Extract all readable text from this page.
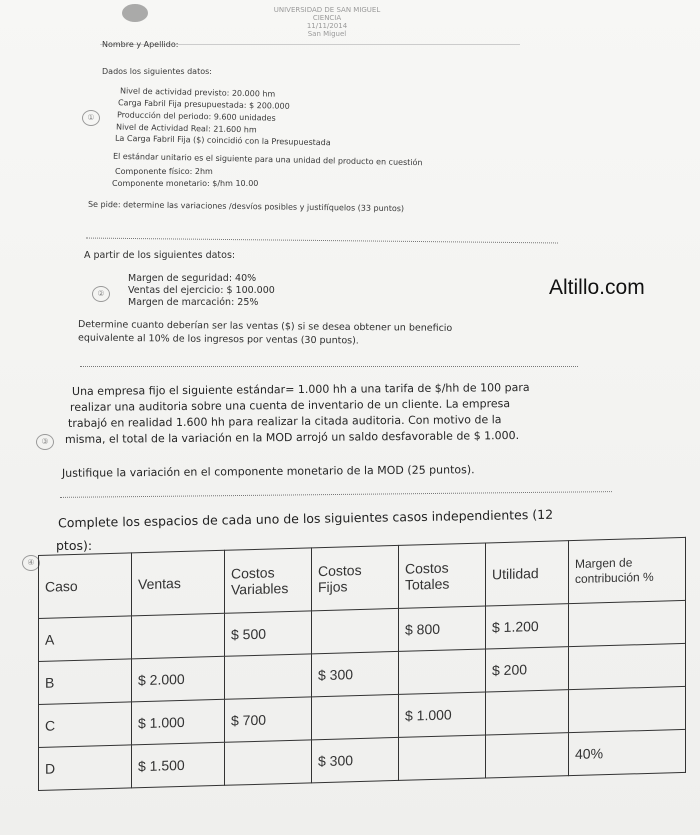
UNIVERSIDAD DE SAN MIGUEL
CIENCIA
11/11/2014
San Miguel
Nombre y Apellido:
Dados los siguientes datos:
①
Nivel de actividad previsto: 20.000 hm
Carga Fabril Fija presupuestada: $ 200.000
Producción del periodo: 9.600 unidades
Nivel de Actividad Real: 21.600 hm
La Carga Fabril Fija ($) coincidió con la Presupuestada
El estándar unitario es el siguiente para una unidad del producto en cuestión
Componente físico: 2hm
Componente monetario: $/hm 10.00
Se pide: determine las variaciones /desvíos posibles y justifíquelos (33 puntos)
A partir de los siguientes datos:
②
Margen de seguridad: 40%
Ventas del ejercicio: $ 100.000
Margen de marcación: 25%
Determine cuanto deberían ser las ventas ($) si se desea obtener un beneficio
equivalente al 10% de los ingresos por ventas (30 puntos).
Altillo.com
③
Una empresa fijo el siguiente estándar= 1.000 hh a una tarifa de $/hh de 100 para
realizar una auditoria sobre una cuenta de inventario de un cliente. La empresa
trabajó en realidad 1.600 hh para realizar la citada auditoria. Con motivo de la
misma, el total de la variación en la MOD arrojó un saldo desfavorable de $ 1.000.
Justifique la variación en el componente monetario de la MOD (25 puntos).
Complete los espacios de cada uno de los siguientes casos independientes (12
ptos):
④
Caso	Ventas	Costos Variables	Costos Fijos	Costos Totales	Utilidad	Margen de contribución %
A		$ 500		$ 800	$ 1.200	
B	$ 2.000		$ 300		$ 200	
C	$ 1.000	$ 700		$ 1.000		
D	$ 1.500		$ 300			40%
